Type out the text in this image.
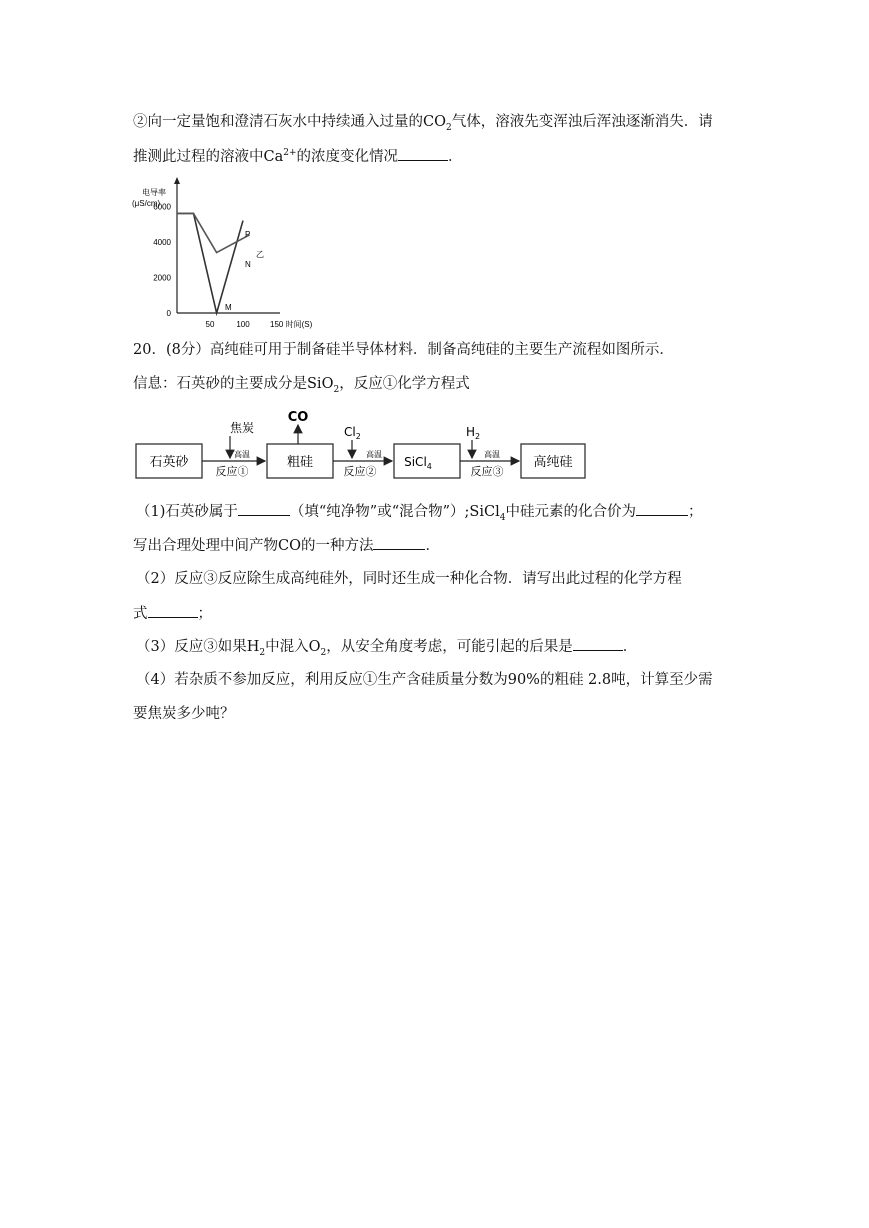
②向一定量饱和澄清石灰水中持续通入过量的$CO_2$气体，溶液先变浑浊后浑浊逐渐消失．请
推测此过程的溶液中$Ca^{2+}$的浓度变化情况	．
电导率
(μS/cm)
6000
4000
2000
0
50	100	150 时间(S)
M
P
乙
N
20．(8分）高纯硅可用于制备硅半导体材料．制备高纯硅的主要生产流程如图所示．
信息：石英砂的主要成分是SiO$_2$，反应①化学方程式
石英砂
焦炭
高温
反应①
粗硅
CO
$Cl_2$
高温
反应②
SiCl$_4$
$H_2$
高温
反应③
高纯硅
（1)石英砂属于	（填“纯净物”或“混合物”）;SiCl$_4$中硅元素的化合价为	；
写出合理处理中间产物CO的一种方法	．
（2）反应③反应除生成高纯硅外，同时还生成一种化合物．请写出此过程的化学方程
式	；
（3）反应③如果$H_2$中混入$O_2$，从安全角度考虑，可能引起的后果是	．
（4）若杂质不参加反应，利用反应①生产含硅质量分数为90%的粗硅 2.8吨，计算至少需
要焦炭多少吨？
